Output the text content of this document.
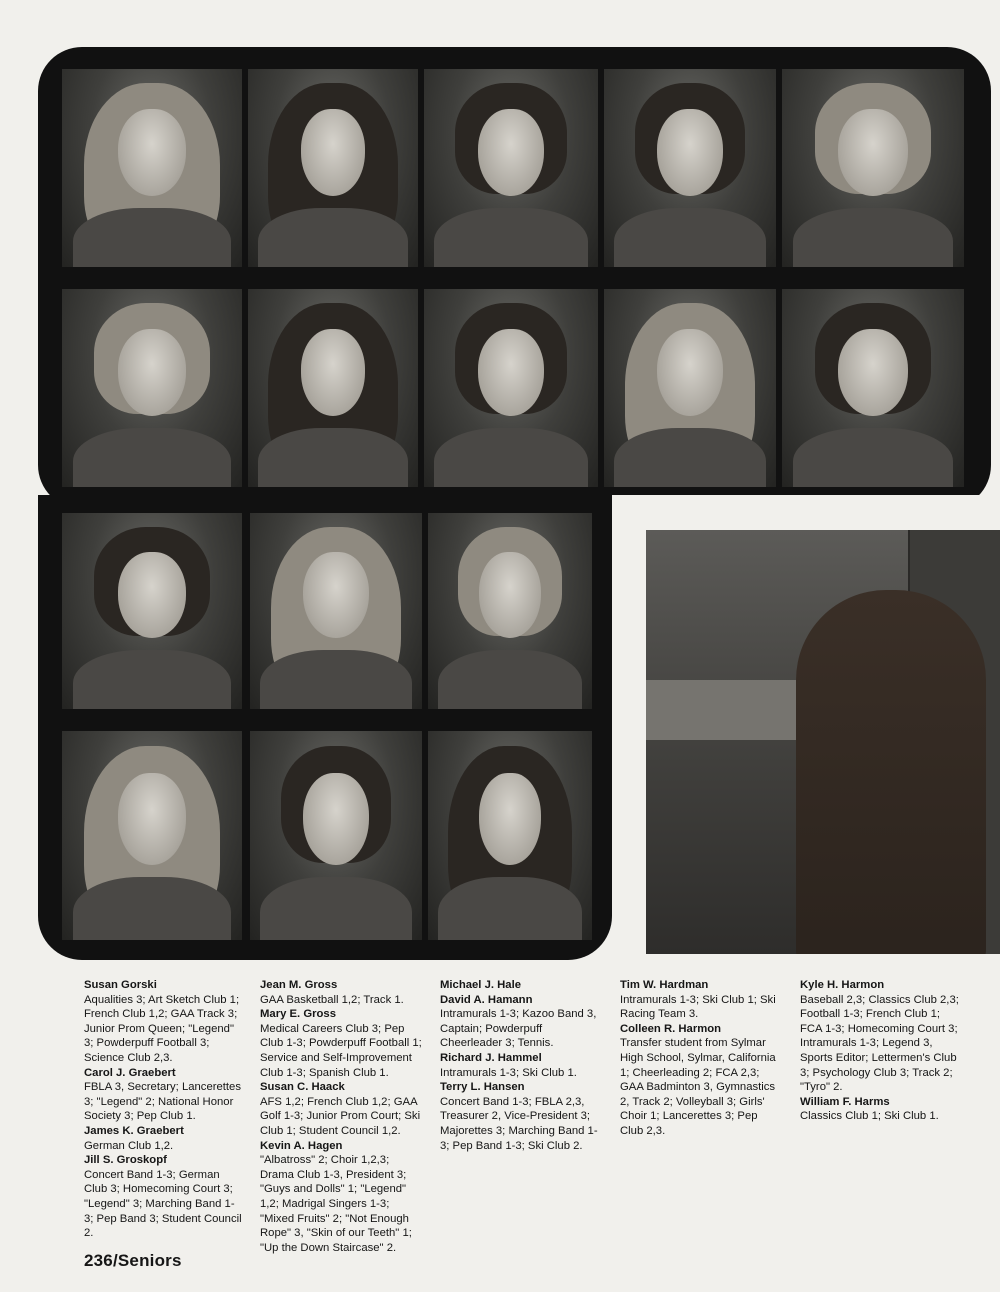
Susan Gorski
Aqualities 3; Art Sketch Club 1; French Club 1,2; GAA Track 3; Junior Prom Queen; "Legend" 3; Powderpuff Football 3; Science Club 2,3.
Carol J. Graebert
FBLA 3, Secretary; Lancerettes 3; "Legend" 2; National Honor Society 3; Pep Club 1.
James K. Graebert
German Club 1,2.
Jill S. Groskopf
Concert Band 1-3; German Club 3; Homecoming Court 3; "Legend" 3; Marching Band 1-3; Pep Band 3; Student Council 2.
Jean M. Gross
GAA Basketball 1,2; Track 1.
Mary E. Gross
Medical Careers Club 3; Pep Club 1-3; Powderpuff Football 1; Service and Self-Improvement Club 1-3; Spanish Club 1.
Susan C. Haack
AFS 1,2; French Club 1,2; GAA Golf 1-3; Junior Prom Court; Ski Club 1; Student Council 1,2.
Kevin A. Hagen
"Albatross" 2; Choir 1,2,3; Drama Club 1-3, President 3; "Guys and Dolls" 1; "Legend" 1,2; Madrigal Singers 1-3; "Mixed Fruits" 2; "Not Enough Rope" 3, "Skin of our Teeth" 1; "Up the Down Staircase" 2.
Michael J. Hale
David A. Hamann
Intramurals 1-3; Kazoo Band 3, Captain; Powderpuff Cheerleader 3; Tennis.
Richard J. Hammel
Intramurals 1-3; Ski Club 1.
Terry L. Hansen
Concert Band 1-3; FBLA 2,3, Treasurer 2, Vice-President 3; Majorettes 3; Marching Band 1-3; Pep Band 1-3; Ski Club 2.
Tim W. Hardman
Intramurals 1-3; Ski Club 1; Ski Racing Team 3.
Colleen R. Harmon
Transfer student from Sylmar High School, Sylmar, California 1; Cheerleading 2; FCA 2,3; GAA Badminton 3, Gymnastics 2, Track 2; Volleyball 3; Girls' Choir 1; Lancerettes 3; Pep Club 2,3.
Kyle H. Harmon
Baseball 2,3; Classics Club 2,3; Football 1-3; French Club 1; FCA 1-3; Homecoming Court 3; Intramurals 1-3; Legend 3, Sports Editor; Lettermen's Club 3; Psychology Club 3; Track 2; "Tyro" 2.
William F. Harms
Classics Club 1; Ski Club 1.
236/Seniors
